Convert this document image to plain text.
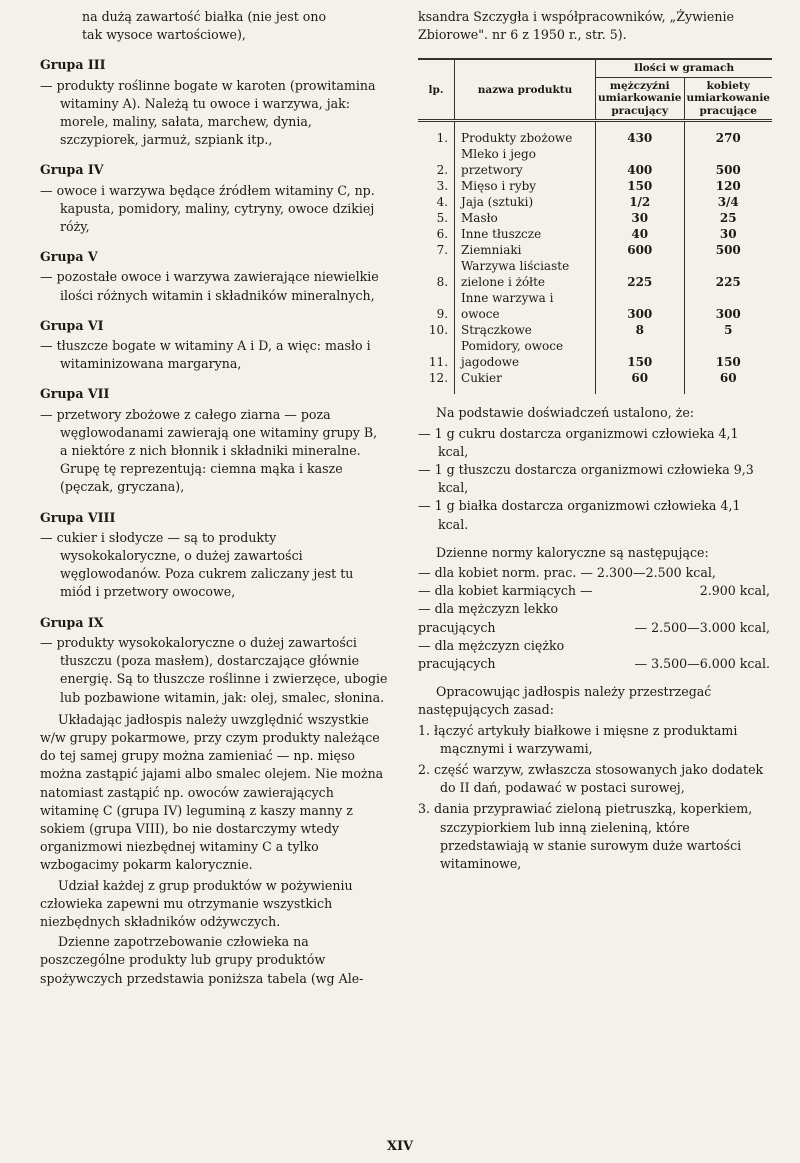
na dużą zawartość białka (nie jest ono

tak wysoce wartościowe),

Grupa III

— produkty roślinne bogate w karoten (prowitamina witaminy A). Należą tu owoce i warzywa, jak: morele, maliny, sałata, marchew, dynia, szczypiorek, jarmuż, szpiank itp.,

Grupa IV

— owoce i warzywa będące źródłem witaminy C, np. kapusta, pomidory, maliny, cytryny, owoce dzikiej róży,

Grupa V

— pozostałe owoce i warzywa zawierające niewielkie ilości różnych witamin i składników mineralnych,

Grupa VI

— tłuszcze bogate w witaminy A i D, a więc: masło i witaminizowana margaryna,

Grupa VII

— przetwory zbożowe z całego ziarna — poza węglowodanami zawierają one witaminy grupy B, a niektóre z nich błonnik i składniki mineralne. Grupę tę reprezentują: ciemna mąka i kasze (pęczak, gryczana),

Grupa VIII

— cukier i słodycze — są to produkty wysokokaloryczne, o dużej zawartości węglowodanów. Poza cukrem zaliczany jest tu miód i przetwory owocowe,

Grupa IX

— produkty wysokokaloryczne o dużej zawartości tłuszczu (poza masłem), dostarczające głównie energię. Są to tłuszcze roślinne i zwierzęce, ubogie lub pozbawione witamin, jak: olej, smalec, słonina.

Układając jadłospis należy uwzględnić wszystkie w/w grupy pokarmowe, przy czym produkty należące do tej samej grupy można zamieniać — np. mięso można zastąpić jajami albo smalec olejem. Nie można natomiast zastąpić np. owoców zawierających witaminę C (grupa IV) leguminą z kaszy manny z sokiem (grupa VIII), bo nie dostarczymy wtedy organizmowi niezbędnej witaminy C a tylko wzbogacimy pokarm kalorycznie.

Udział każdej z grup produktów w pożywieniu człowieka zapewni mu otrzymanie wszystkich niezbędnych składników odżywczych.

Dzienne zapotrzebowanie człowieka na poszczególne produkty lub grupy produktów spożywczych przedstawia poniższa tabela (wg Ale-

ksandra Szczygła i współpracowników, „Żywienie Zbiorowe". nr 6 z 1950 r., str. 5).

lp.	nazwa produktu	Ilości w gramach	
		mężczyźni umiarkowanie pracujący	kobiety umiarkowanie pracujące
1.	Produkty zbożowe	430	270
2.	Mleko i jego przetwory	400	500
3.	Mięso i ryby	150	120
4.	Jaja (sztuki)	1/2	3/4
5.	Masło	30	25
6.	Inne tłuszcze	40	30
7.	Ziemniaki	600	500
8.	Warzywa liściaste zielone i żółte	225	225
9.	Inne warzywa i owoce	300	300
10.	Strączkowe	8	5
11.	Pomidory, owoce jagodowe	150	150
12.	Cukier	60	60

Na podstawie doświadczeń ustalono, że:

— 1 g cukru dostarcza organizmowi człowieka 4,1 kcal,

— 1 g tłuszczu dostarcza organizmowi człowieka 9,3 kcal,

— 1 g białka dostarcza organizmowi człowieka 4,1 kcal.

Dzienne normy kaloryczne są następujące:

— dla kobiet norm. prac. — 2.300—2.500 kcal,
— dla kobiet karmiących —	2.900 kcal,
— dla mężczyzn lekko pracujących	— 2.500—3.000 kcal,
— dla mężczyzn ciężko pracujących	— 3.500—6.000 kcal.

Opracowując jadłospis należy przestrzegać następujących zasad:

1. łączyć artykuły białkowe i mięsne z produktami mącznymi i warzywami,

2. część warzyw, zwłaszcza stosowanych jako dodatek do II dań, podawać w postaci surowej,

3. dania przyprawiać zieloną pietruszką, koperkiem, szczypiorkiem lub inną zieleniną, które przedstawiają w stanie surowym duże wartości witaminowe,

XIV
